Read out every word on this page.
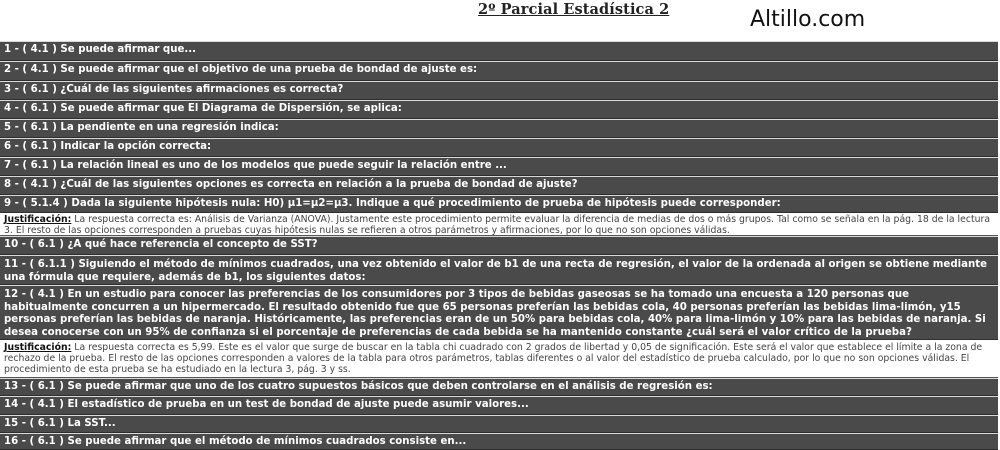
2º Parcial Estadística 2	Altillo.com
1 - ( 4.1 ) Se puede afirmar que...
2 - ( 4.1 ) Se puede afirmar que el objetivo de una prueba de bondad de ajuste es:
3 - ( 6.1 ) ¿Cuál de las siguientes afirmaciones es correcta?
4 - ( 6.1 ) Se puede afirmar que El Diagrama de Dispersión, se aplica:
5 - ( 6.1 ) La pendiente en una regresión indica:
6 - ( 6.1 ) Indicar la opción correcta:
7 - ( 6.1 ) La relación lineal es uno de los modelos que puede seguir la relación entre ...
8 - ( 4.1 ) ¿Cuál de las siguientes opciones es correcta en relación a la prueba de bondad de ajuste?
9 - ( 5.1.4 ) Dada la siguiente hipótesis nula: H0) μ1=μ2=μ3. Indique a qué procedimiento de prueba de hipótesis puede corresponder:
Justificación: La respuesta correcta es: Análisis de Varianza (ANOVA). Justamente este procedimiento permite evaluar la diferencia de medias de dos o más grupos. Tal como se señala en la pág. 18 de la lectura 3. El resto de las opciones corresponden a pruebas cuyas hipótesis nulas se refieren a otros parámetros y afirmaciones, por lo que no son opciones válidas.
10 - ( 6.1 ) ¿A qué hace referencia el concepto de SST?
11 - ( 6.1.1 ) Siguiendo el método de mínimos cuadrados, una vez obtenido el valor de b1 de una recta de regresión, el valor de la ordenada al origen se obtiene mediante una fórmula que requiere, además de b1, los siguientes datos:
12 - ( 4.1 ) En un estudio para conocer las preferencias de los consumidores por 3 tipos de bebidas gaseosas se ha tomado una encuesta a 120 personas que habitualmente concurren a un hipermercado. El resultado obtenido fue que 65 personas preferían las bebidas cola, 40 personas preferían las bebidas lima-limón, y15 personas preferían las bebidas de naranja. Históricamente, las preferencias eran de un 50% para bebidas cola, 40% para lima-limón y 10% para las bebidas de naranja. Si desea conocerse con un 95% de confianza si el porcentaje de preferencias de cada bebida se ha mantenido constante ¿cuál será el valor crítico de la prueba?
Justificación: La respuesta correcta es 5,99. Este es el valor que surge de buscar en la tabla chi cuadrado con 2 grados de libertad y 0,05 de significación. Este será el valor que establece el límite a la zona de rechazo de la prueba. El resto de las opciones corresponden a valores de la tabla para otros parámetros, tablas diferentes o al valor del estadístico de prueba calculado, por lo que no son opciones válidas. El procedimiento de esta prueba se ha estudiado en la lectura 3, pág. 3 y ss.
13 - ( 6.1 ) Se puede afirmar que uno de los cuatro supuestos básicos que deben controlarse en el análisis de regresión es:
14 - ( 4.1 ) El estadístico de prueba en un test de bondad de ajuste puede asumir valores...
15 - ( 6.1 ) La SST...
16 - ( 6.1 ) Se puede afirmar que el método de mínimos cuadrados consiste en...
